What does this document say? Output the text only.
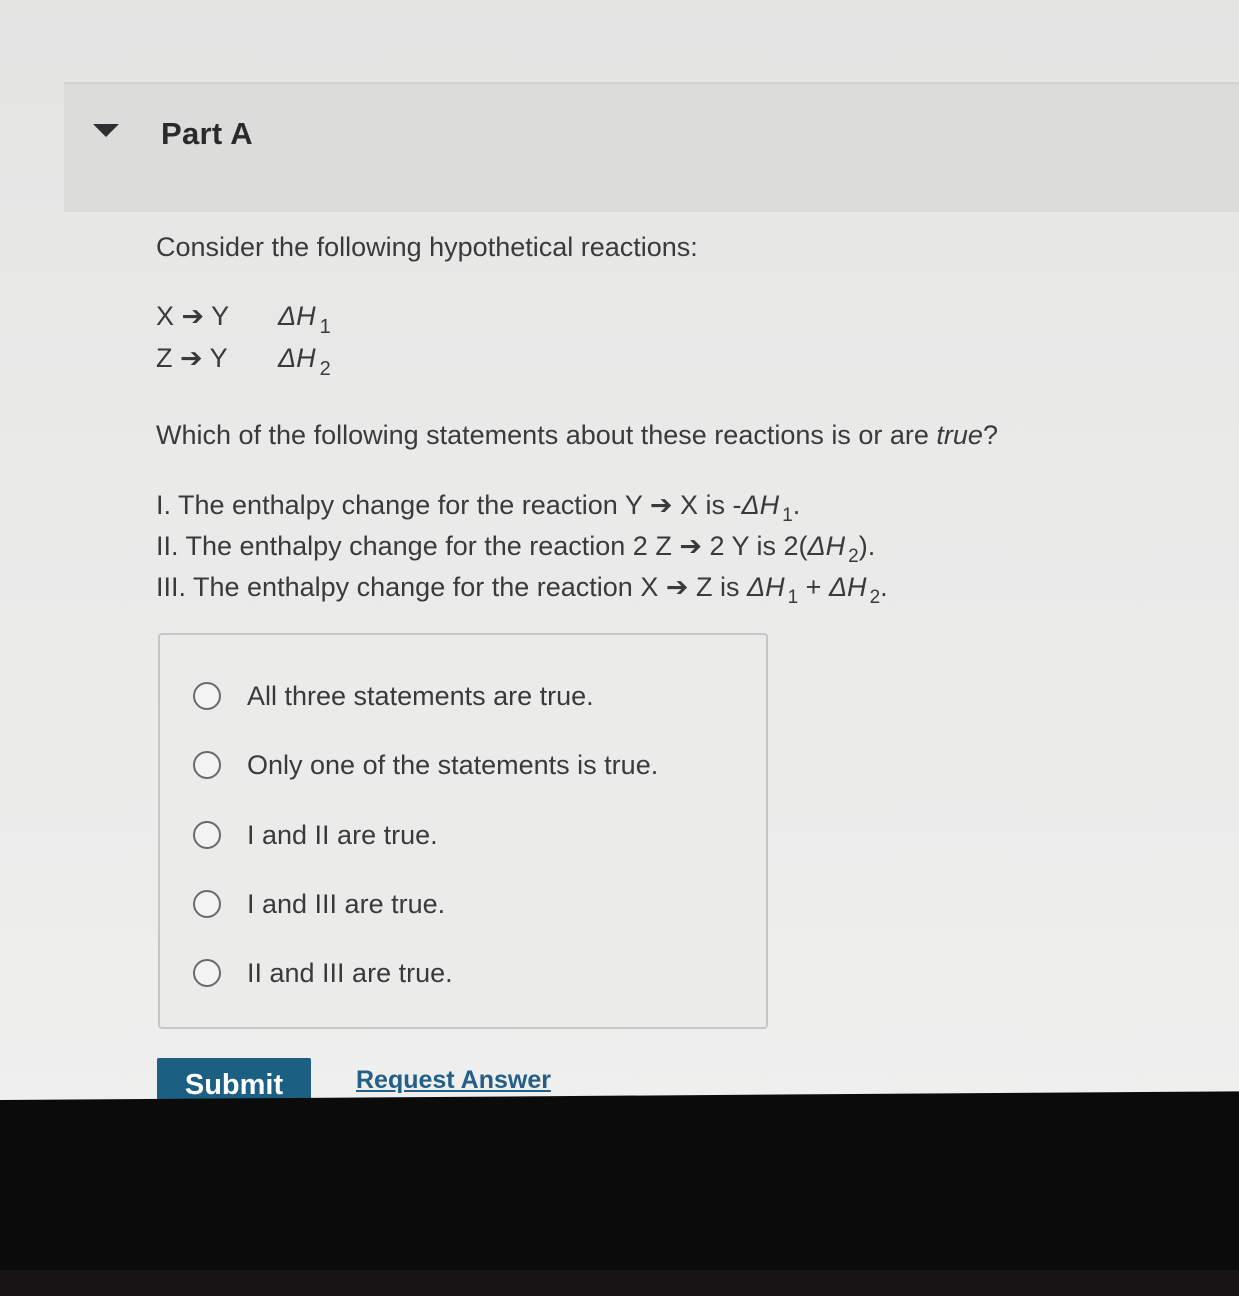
Part A
Consider the following hypothetical reactions:
X ➔ Y ΔH $_1$
Z ➔ Y ΔH $_2$
Which of the following statements about these reactions is or are true?
I. The enthalpy change for the reaction Y ➔ X is -ΔH $_1$.
II. The enthalpy change for the reaction 2 Z ➔ 2 Y is 2(ΔH $_2$).
III. The enthalpy change for the reaction X ➔ Z is ΔH $_1$ + ΔH $_2$.
All three statements are true.
Only one of the statements is true.
I and II are true.
I and III are true.
II and III are true.
Submit	Request Answer
